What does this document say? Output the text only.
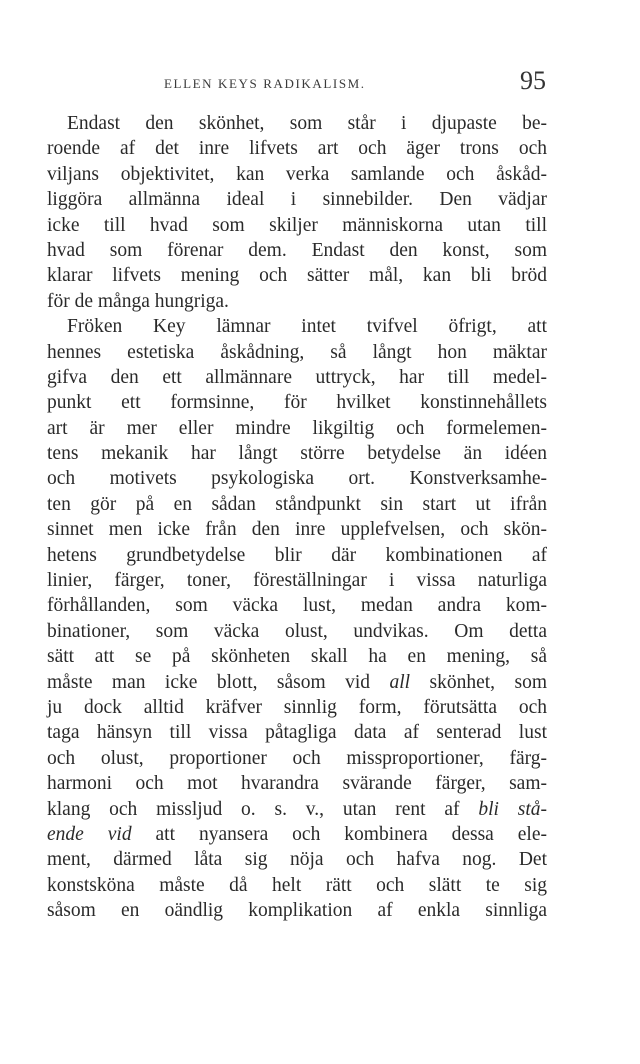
ELLEN KEYS RADIKALISM.	95
Endast den skönhet, som står i djupaste be-
roende af det inre lifvets art och äger trons och
viljans objektivitet, kan verka samlande och åskåd-
liggöra allmänna ideal i sinnebilder. Den vädjar
icke till hvad som skiljer människorna utan till
hvad som förenar dem. Endast den konst, som
klarar lifvets mening och sätter mål, kan bli bröd
för de många hungriga.
Fröken Key lämnar intet tvifvel öfrigt, att
hennes estetiska åskådning, så långt hon mäktar
gifva den ett allmännare uttryck, har till medel-
punkt ett formsinne, för hvilket konstinnehållets
art är mer eller mindre likgiltig och formelemen-
tens mekanik har långt större betydelse än idéen
och motivets psykologiska ort. Konstverksamhe-
ten gör på en sådan ståndpunkt sin start ut ifrån
sinnet men icke från den inre upplefvelsen, och skön-
hetens grundbetydelse blir där kombinationen af
linier, färger, toner, föreställningar i vissa naturliga
förhållanden, som väcka lust, medan andra kom-
binationer, som väcka olust, undvikas. Om detta
sätt att se på skönheten skall ha en mening, så
måste man icke blott, såsom vid all skönhet, som
ju dock alltid kräfver sinnlig form, förutsätta och
taga hänsyn till vissa påtagliga data af senterad lust
och olust, proportioner och missproportioner, färg-
harmoni och mot hvarandra svärande färger, sam-
klang och missljud o. s. v., utan rent af bli stå-
ende vid att nyansera och kombinera dessa ele-
ment, därmed låta sig nöja och hafva nog. Det
konstsköna måste då helt rätt och slätt te sig
såsom en oändlig komplikation af enkla sinnliga
